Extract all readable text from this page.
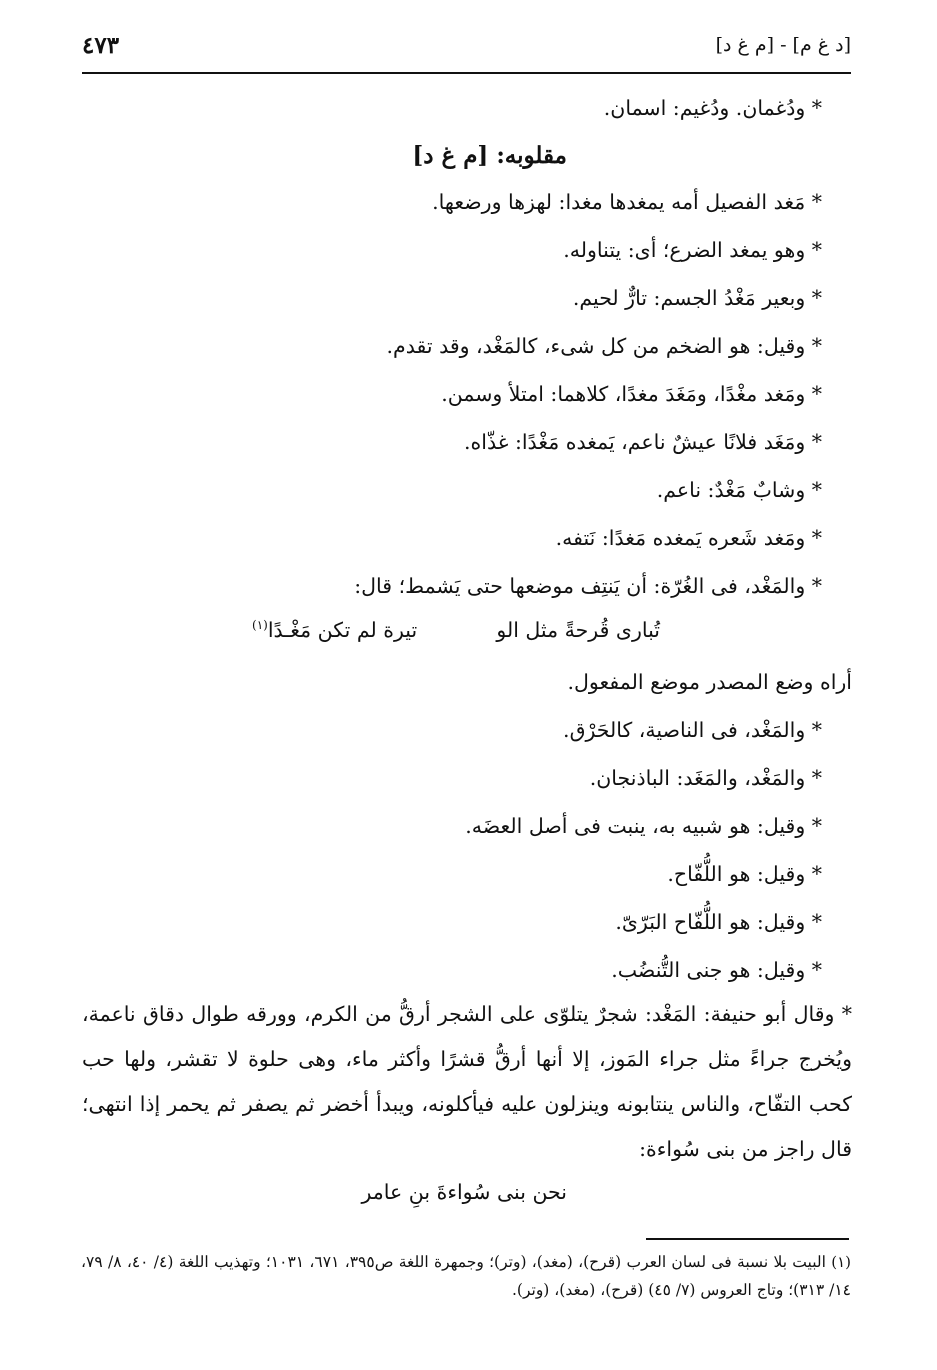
[د غ م] - [م غ د]
٤٧٣
* ودُغمان. ودُغيم: اسمان.
مقلوبه: [م غ د]
* مَغد الفصيل أمه يمغدها مغدا: لهزها ورضعها.
* وهو يمغد الضرع؛ أى: يتناوله.
* وبعير مَغْدُ الجسم: تارٌّ لحيم.
* وقيل: هو الضخم من كل شىء، كالمَغْد، وقد تقدم.
* ومَغد مغْدًا، ومَغَدَ مغدًا، كلاهما: امتلأ وسمن.
* ومَغَد فلانًا عيشٌ ناعم، يَمغده مَغْدًا: غذّاه.
* وشابٌ مَغْدٌ: ناعم.
* ومَغد شَعره يَمغده مَغدًا: نَتفه.
* والمَغْد، فى الغُرّة: أن يَنتِف موضعها حتى يَشمط؛ قال:
تُبارى قُرحةً مثل الو
تيرة لم تكن مَغْـدًا$^{(١)}$
أراه وضع المصدر موضع المفعول.
* والمَغْد، فى الناصية، كالحَرْق.
* والمَغْد، والمَغَد: الباذنجان.
* وقيل: هو شبيه به، ينبت فى أصل العضَه.
* وقيل: هو اللُّفّاح.
* وقيل: هو اللُّفّاح البَرّىّ.
* وقيل: هو جنى التُّنضُب.
* وقال أبو حنيفة: المَغْد: شجرٌ يتلوّى على الشجر أرقُّ من الكرم، وورقه طوال دقاق ناعمة، ويُخرج جراءً مثل جراء المَوز، إلا أنها أرقُّ قشرًا وأكثر ماء، وهى حلوة لا تقشر، ولها حب كحب التفّاح، والناس ينتابونه وينزلون عليه فيأكلونه، ويبدأ أخضر ثم يصفر ثم يحمر إذا انتهى؛ قال راجز من بنى سُواءة:
نحن بنى سُواءةَ بنِ عامر
(١) البيت بلا نسبة فى لسان العرب (قرح)، (مغد)، (وتر)؛ وجمهرة اللغة ص٣٩٥، ٦٧١، ١٠٣١؛ وتهذيب اللغة (٤/ ٤٠، ٨/ ٧٩، ١٤/ ٣١٣)؛ وتاج العروس (٧/ ٤٥) (قرح)، (مغد)، (وتر).
